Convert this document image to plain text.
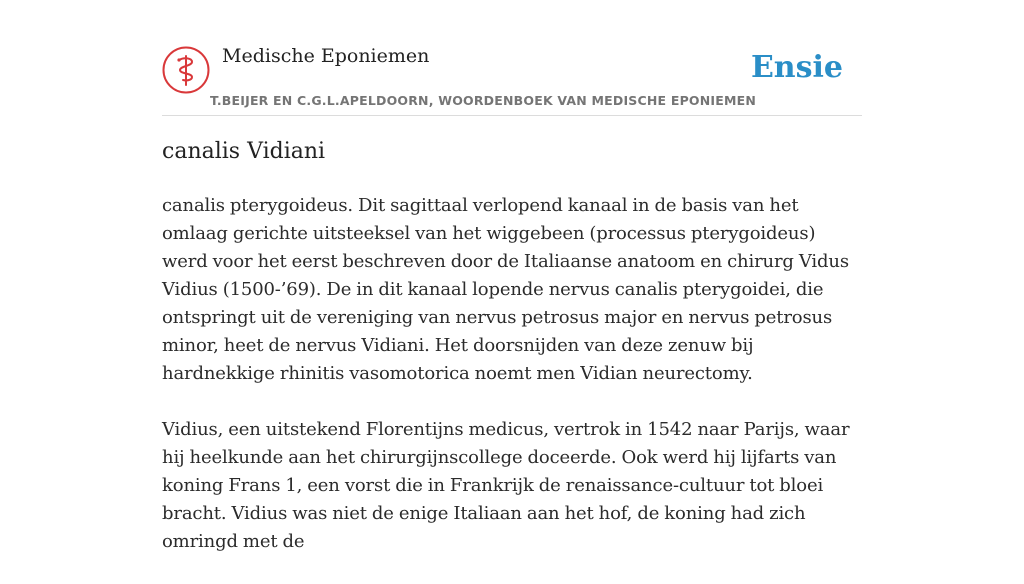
Medische Eponiemen
T.BEIJER EN C.G.L.APELDOORN, WOORDENBOEK VAN MEDISCHE EPONIEMEN
Ensie
canalis Vidiani

canalis pterygoideus. Dit sagittaal verlopend kanaal in de basis van het omlaag gerichte uitsteeksel van het wiggebeen (processus pterygoideus) werd voor het eerst beschreven door de Italiaanse anatoom en chirurg Vidus Vidius (1500-’69). De in dit kanaal lopende nervus canalis pterygoidei, die ontspringt uit de vereniging van nervus petrosus major en nervus petrosus minor, heet de nervus Vidiani. Het doorsnijden van deze zenuw bij hardnekkige rhinitis vasomotorica noemt men Vidian neurectomy.

Vidius, een uitstekend Florentijns medicus, vertrok in 1542 naar Parijs, waar hij heelkunde aan het chirurgijnscollege doceerde. Ook werd hij lijfarts van koning Frans 1, een vorst die in Frankrijk de renaissance-cultuur tot bloei bracht. Vidius was niet de enige Italiaan aan het hof, de koning had zich omringd met de
